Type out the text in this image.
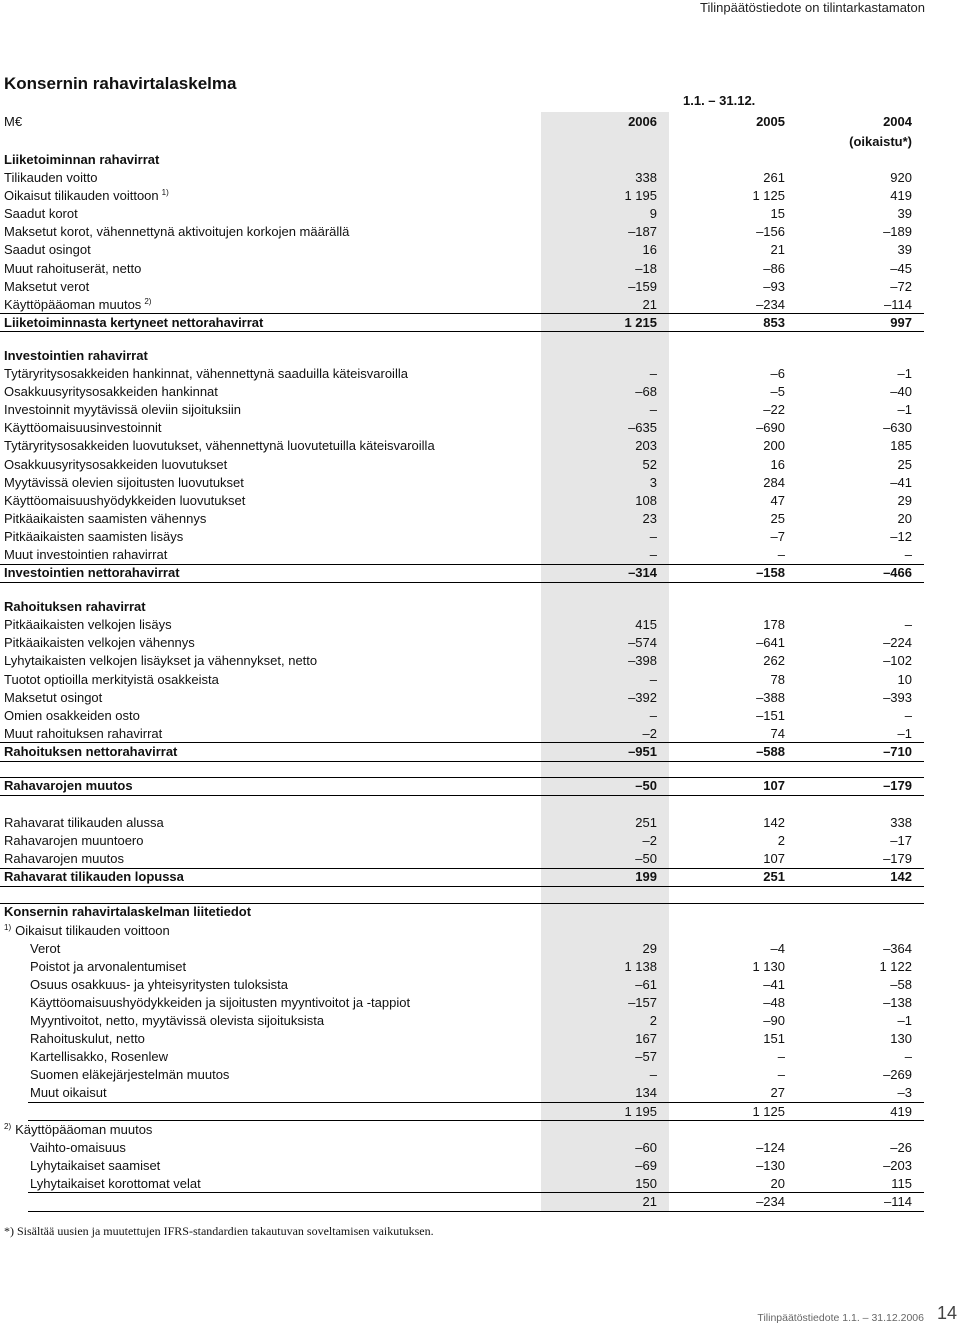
Tilinpäätöstiedote on tilintarkastamaton
Konsernin rahavirtalaskelma
1.1. – 31.12.
M€	2006	2005	2004
(oikaistu*)
Liiketoiminnan rahavirrat
Tilikauden voitto	338	261	920
Oikaisut tilikauden voittoon $^{1)}$	1 195	1 125	419
Saadut korot	9	15	39
Maksetut korot, vähennettynä aktivoitujen korkojen määrällä	–187	–156	–189
Saadut osingot	16	21	39
Muut rahoituserät, netto	–18	–86	–45
Maksetut verot	–159	–93	–72
Käyttöpääoman muutos $^{2)}$	21	–234	–114
Liiketoiminnasta kertyneet nettorahavirrat	1 215	853	997
Investointien rahavirrat
Tytäryritysosakkeiden hankinnat, vähennettynä saaduilla käteisvaroilla	–	–6	–1
Osakkuusyritysosakkeiden hankinnat	–68	–5	–40
Investoinnit myytävissä oleviin sijoituksiin	–	–22	–1
Käyttöomaisuusinvestoinnit	–635	–690	–630
Tytäryritysosakkeiden luovutukset, vähennettynä luovutetuilla käteisvaroilla	203	200	185
Osakkuusyritysosakkeiden luovutukset	52	16	25
Myytävissä olevien sijoitusten luovutukset	3	284	–41
Käyttöomaisuushyödykkeiden luovutukset	108	47	29
Pitkäaikaisten saamisten vähennys	23	25	20
Pitkäaikaisten saamisten lisäys	–	–7	–12
Muut investointien rahavirrat	–	–	–
Investointien nettorahavirrat	–314	–158	–466
Rahoituksen rahavirrat
Pitkäaikaisten velkojen lisäys	415	178	–
Pitkäaikaisten velkojen vähennys	–574	–641	–224
Lyhytaikaisten velkojen lisäykset ja vähennykset, netto	–398	262	–102
Tuotot optioilla merkityistä osakkeista	–	78	10
Maksetut osingot	–392	–388	–393
Omien osakkeiden osto	–	–151	–
Muut rahoituksen rahavirrat	–2	74	–1
Rahoituksen nettorahavirrat	–951	–588	–710
Rahavarojen muutos	–50	107	–179
Rahavarat tilikauden alussa	251	142	338
Rahavarojen muuntoero	–2	2	–17
Rahavarojen muutos	–50	107	–179
Rahavarat tilikauden lopussa	199	251	142
Konsernin rahavirtalaskelman liitetiedot
$^{1)}$ Oikaisut tilikauden voittoon
Verot	29	–4	–364
Poistot ja arvonalentumiset	1 138	1 130	1 122
Osuus osakkuus- ja yhteisyritysten tuloksista	–61	–41	–58
Käyttöomaisuushyödykkeiden ja sijoitusten myyntivoitot ja -tappiot	–157	–48	–138
Myyntivoitot, netto, myytävissä olevista sijoituksista	2	–90	–1
Rahoituskulut, netto	167	151	130
Kartellisakko, Rosenlew	–57	–	–
Suomen eläkejärjestelmän muutos	–	–	–269
Muut oikaisut	134	27	–3
1 195	1 125	419
$^{2)}$ Käyttöpääoman muutos
Vaihto-omaisuus	–60	–124	–26
Lyhytaikaiset saamiset	–69	–130	–203
Lyhytaikaiset korottomat velat	150	20	115
21	–234	–114
*) Sisältää uusien ja muutettujen IFRS-standardien takautuvan soveltamisen vaikutuksen.
Tilinpäätöstiedote 1.1. – 31.12.2006 14
